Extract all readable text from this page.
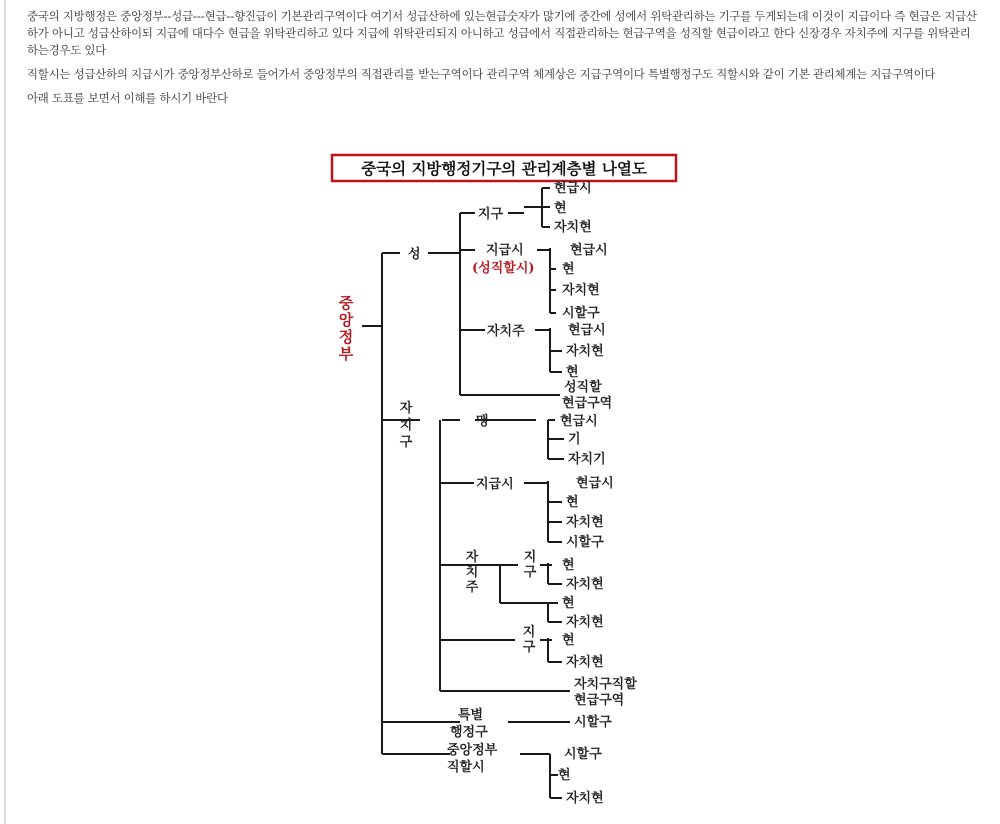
중국의 지방행정은 중앙정부--성급---현급--향진급이 기본관리구역이다 여기서 성급산하에 있는현급숫자가 많기에 중간에 성에서 위탁관리하는 기구를 두게되는데 이것이 지급이다 즉 현급은 지급산하가 아니고 성급산하이되 지급에 대다수 현급을 위탁관리하고 있다 지급에 위탁관리되지 아니하고 성급에서 직접관리하는 현급구역을 성직할 현급이라고 한다 신장경우 자치주에 지구를 위탁관리하는경우도 있다

직할시는 성급산하의 지급시가 중앙정부산하로 들어가서 중앙정부의 직접관리를 받는구역이다 관리구역 체계상은 지급구역이다 특별행정구도 직할시와 같이 기본 관리체계는 지급구역이다

아래 도표를 보면서 이해를 하시기 바란다

중국의 지방행정기구의 관리계층별 나열도
중
앙
정
부
성
자
치
구
특별
행정구
중앙정부
직할시
지구
지급시
(성직할시)
자치주
성직할
현급구역
현급시
현
자치현
현급시
현
자치현
시할구
현급시
자치현
현
맹	현급시
기
자치기
지급시	현급시
현
자치현
시할구
자
치
주
지
구 현
자치현
현
자치현
지
구 현
자치현
자치구직할
현급구역
시할구
시할구
현
자치현
